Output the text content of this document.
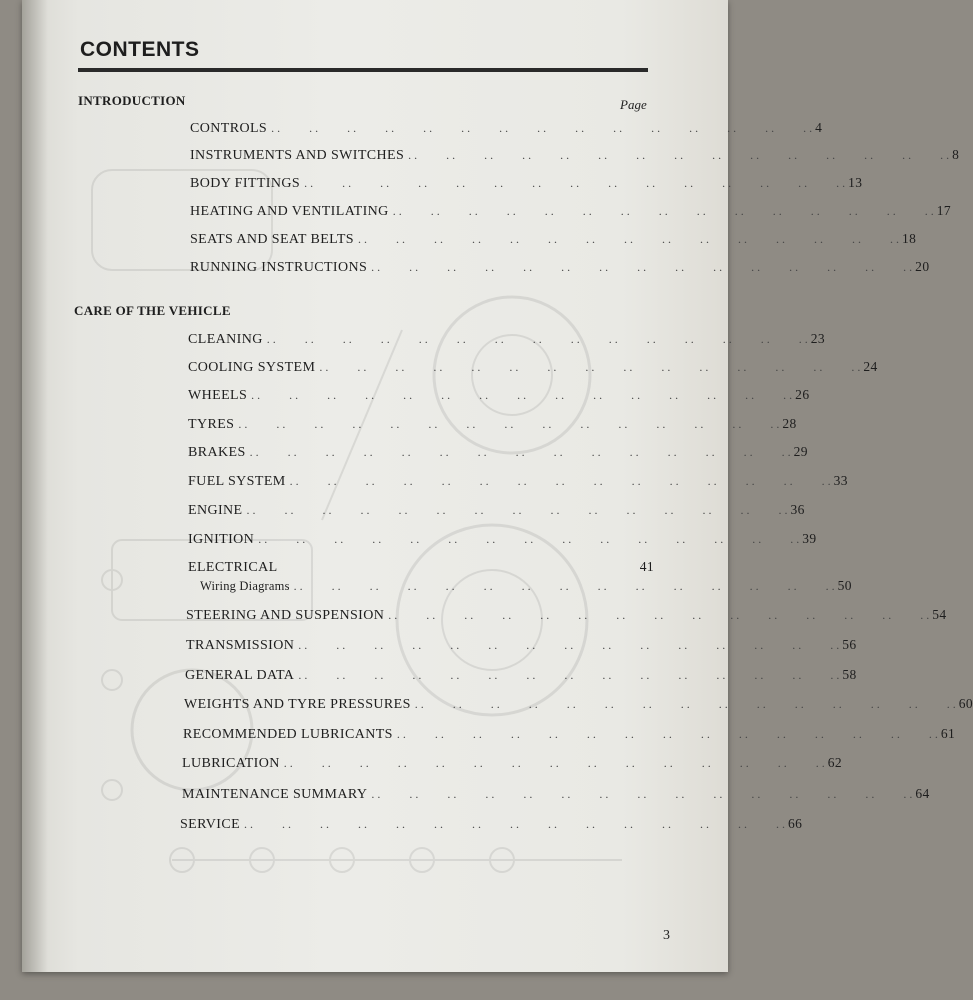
CONTENTS
Page
INTRODUCTION
CONTROLS .. .. .. .. .. .. .. .. .. .. .. .. .. .. .. 4
INSTRUMENTS AND SWITCHES .. .. .. .. .. .. .. .. .. .. .. .. .. .. .. 8
BODY FITTINGS .. .. .. .. .. .. .. .. .. .. .. .. .. .. .. 13
HEATING AND VENTILATING .. .. .. .. .. .. .. .. .. .. .. .. .. .. .. 17
SEATS AND SEAT BELTS .. .. .. .. .. .. .. .. .. .. .. .. .. .. .. 18
RUNNING INSTRUCTIONS .. .. .. .. .. .. .. .. .. .. .. .. .. .. .. 20
CARE OF THE VEHICLE
CLEANING .. .. .. .. .. .. .. .. .. .. .. .. .. .. .. 23
COOLING SYSTEM .. .. .. .. .. .. .. .. .. .. .. .. .. .. .. 24
WHEELS .. .. .. .. .. .. .. .. .. .. .. .. .. .. .. 26
TYRES .. .. .. .. .. .. .. .. .. .. .. .. .. .. .. 28
BRAKES .. .. .. .. .. .. .. .. .. .. .. .. .. .. .. 29
FUEL SYSTEM .. .. .. .. .. .. .. .. .. .. .. .. .. .. .. 33
ENGINE .. .. .. .. .. .. .. .. .. .. .. .. .. .. .. 36
IGNITION .. .. .. .. .. .. .. .. .. .. .. .. .. .. .. 39
ELECTRICAL
	41
Wiring Diagrams .. .. .. .. .. .. .. .. .. .. .. .. .. .. .. 50
STEERING AND SUSPENSION .. .. .. .. .. .. .. .. .. .. .. .. .. .. .. 54
TRANSMISSION .. .. .. .. .. .. .. .. .. .. .. .. .. .. .. 56
GENERAL DATA .. .. .. .. .. .. .. .. .. .. .. .. .. .. .. 58
WEIGHTS AND TYRE PRESSURES .. .. .. .. .. .. .. .. .. .. .. .. .. .. .. 60
RECOMMENDED LUBRICANTS .. .. .. .. .. .. .. .. .. .. .. .. .. .. .. 61
LUBRICATION .. .. .. .. .. .. .. .. .. .. .. .. .. .. .. 62
MAINTENANCE SUMMARY .. .. .. .. .. .. .. .. .. .. .. .. .. .. .. 64
SERVICE .. .. .. .. .. .. .. .. .. .. .. .. .. .. .. 66
3
